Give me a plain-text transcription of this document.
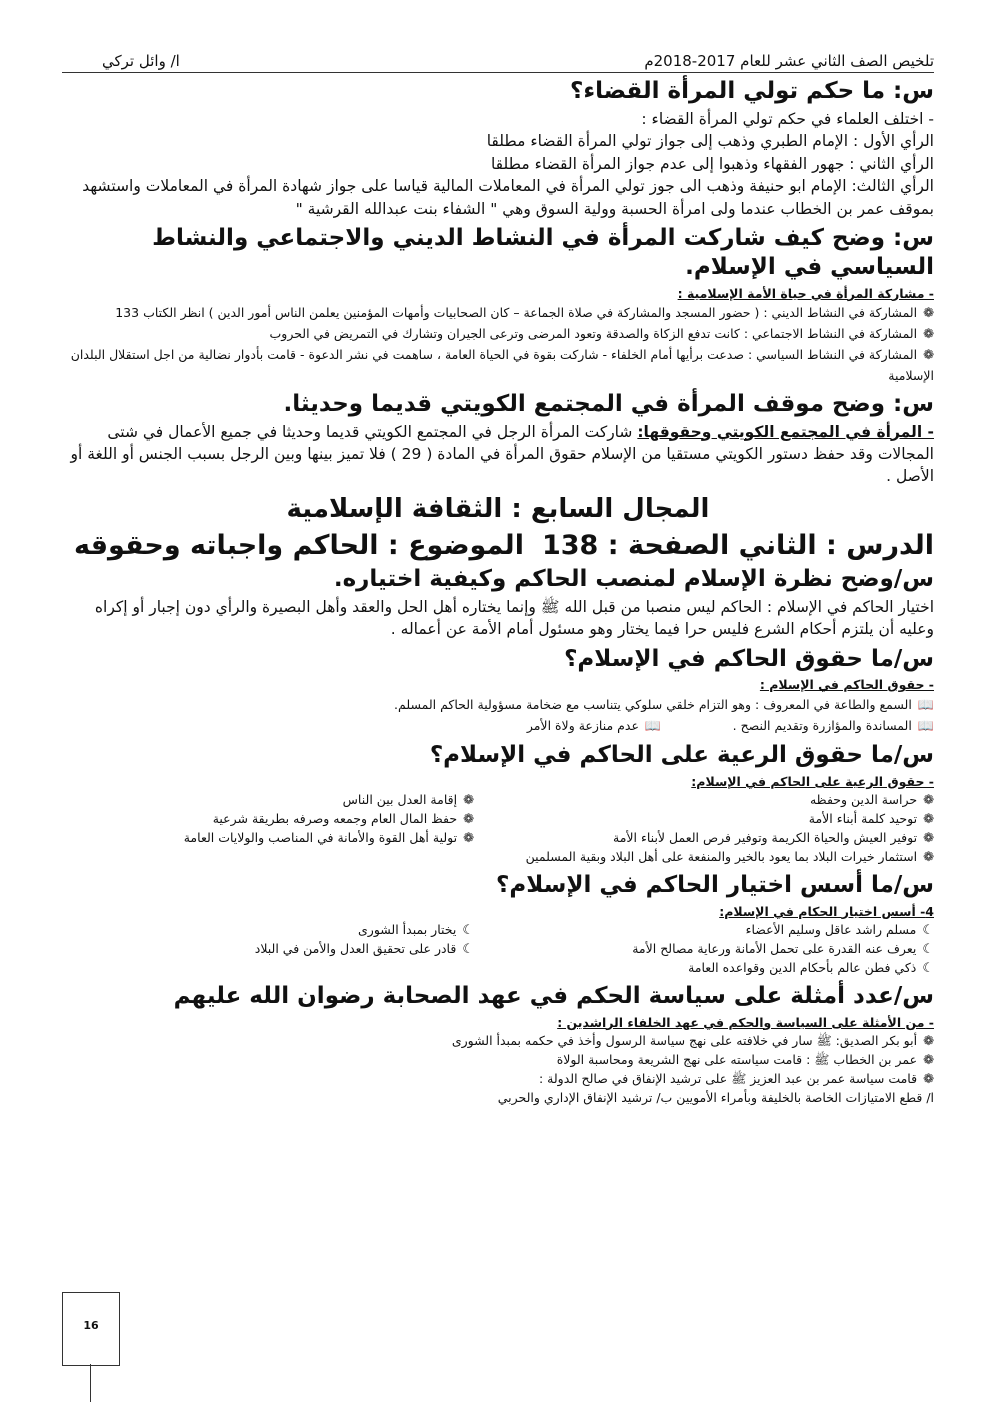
تلخيص الصف الثاني عشر للعام 2017-2018م
ا/ وائل تركي
س: ما حكم تولي المرأة القضاء؟

- اختلف العلماء في حكم تولي المرأة القضاء :

الرأي الأول : الإمام الطبري وذهب إلى جواز تولي المرأة القضاء مطلقا

الرأي الثاني : جهور الفقهاء وذهبوا إلى عدم جواز المرأة القضاء مطلقا

الرأي الثالث: الإمام ابو حنيفة وذهب الى جوز تولي المرأة في المعاملات المالية قياسا على جواز شهادة المرأة في المعاملات واستشهد بموقف عمر بن الخطاب عندما ولى امرأة الحسبة وولية السوق وهي " الشفاء بنت عبدالله القرشية "

س: وضح كيف شاركت المرأة في النشاط الديني والاجتماعي والنشاط السياسي في الإسلام.

- مشاركة المرأة في حياة الأمة الإسلامية :

❁المشاركة في النشاط الديني : ( حضور المسجد والمشاركة في صلاة الجماعة – كان الصحابيات وأمهات المؤمنين يعلمن الناس أمور الدين ) انظر الكتاب 133

❁المشاركة في النشاط الاجتماعي : كانت تدفع الزكاة والصدقة وتعود المرضى وترعى الجيران وتشارك في التمريض في الحروب

❁المشاركة في النشاط السياسي : صدعت برأيها أمام الخلفاء - شاركت بقوة في الحياة العامة ، ساهمت في نشر الدعوة - قامت بأدوار نضالية من اجل استقلال البلدان الإسلامية

س: وضح موقف المرأة في المجتمع الكويتي قديما وحديثا.

- المرأة في المجتمع الكويتي وحقوقها: شاركت المرأة الرجل في المجتمع الكويتي قديما وحديثا في جميع الأعمال في شتى المجالات وقد حفظ دستور الكويتي مستقيا من الإسلام حقوق المرأة في المادة ( 29 ) فلا تميز بينها وبين الرجل بسبب الجنس أو اللغة أو الأصل .

المجال السابع : الثقافة الإسلامية
الدرس : الثاني الصفحة : 138الموضوع : الحاكم واجباته وحقوقه
س/وضح نظرة الإسلام لمنصب الحاكم وكيفية اختياره.

اختيار الحاكم في الإسلام : الحاكم ليس منصبا من قبل الله ﷺ وإنما يختاره أهل الحل والعقد وأهل البصيرة والرأي دون إجبار أو إكراه وعليه أن يلتزم أحكام الشرع فليس حرا فيما يختار وهو مسئول أمام الأمة عن أعماله .

س/ما حقوق الحاكم في الإسلام؟

- حقوق الحاكم في الإسلام :

📖السمع والطاعة في المعروف : وهو التزام خلقي سلوكي يتناسب مع ضخامة مسؤولية الحاكم المسلم.

📖المساندة والمؤازرة وتقديم النصح .                  📖عدم منازعة ولاة الأمر

س/ما حقوق الرعية على الحاكم في الإسلام؟

- حقوق الرعية على الحاكم في الإسلام:

❁حراسة الدين وحفظه
❁إقامة العدل بين الناس
❁توحيد كلمة أبناء الأمة
❁حفظ المال العام وجمعه وصرفه بطريقة شرعية
❁توفير العيش والحياة الكريمة وتوفير فرص العمل لأبناء الأمة
❁تولية أهل القوة والأمانة في المناصب والولايات العامة

❁استثمار خيرات البلاد بما يعود بالخير والمنفعة على أهل البلاد وبقية المسلمين

س/ما أسس اختيار الحاكم في الإسلام؟

4- أسس اختيار الحكام في الإسلام:

☾مسلم راشد عاقل وسليم الأعضاء
☾يختار بمبدأ الشورى
☾يعرف عنه القدرة على تحمل الأمانة ورعاية مصالح الأمة
☾قادر على تحقيق العدل والأمن في البلاد

☾ذكي فطن عالم بأحكام الدين وقواعده العامة

س/عدد أمثلة على سياسة الحكم في عهد الصحابة رضوان الله عليهم

- من الأمثلة على السياسة والحكم في عهد الخلفاء الراشدين :

❁أبو بكر الصديق: ﷺ سار في خلافته على نهج سياسة الرسول وأخذ في حكمه بمبدأ الشورى

❁عمر بن الخطاب ﷺ : قامت سياسته على نهج الشريعة ومحاسبة الولاة

❁قامت سياسة عمر بن عبد العزيز ﷺ على ترشيد الإنفاق في صالح الدولة :

ا/ قطع الامتيازات الخاصة بالخليفة وبأمراء الأمويين ب/ ترشيد الإنفاق الإداري والحربي

16
